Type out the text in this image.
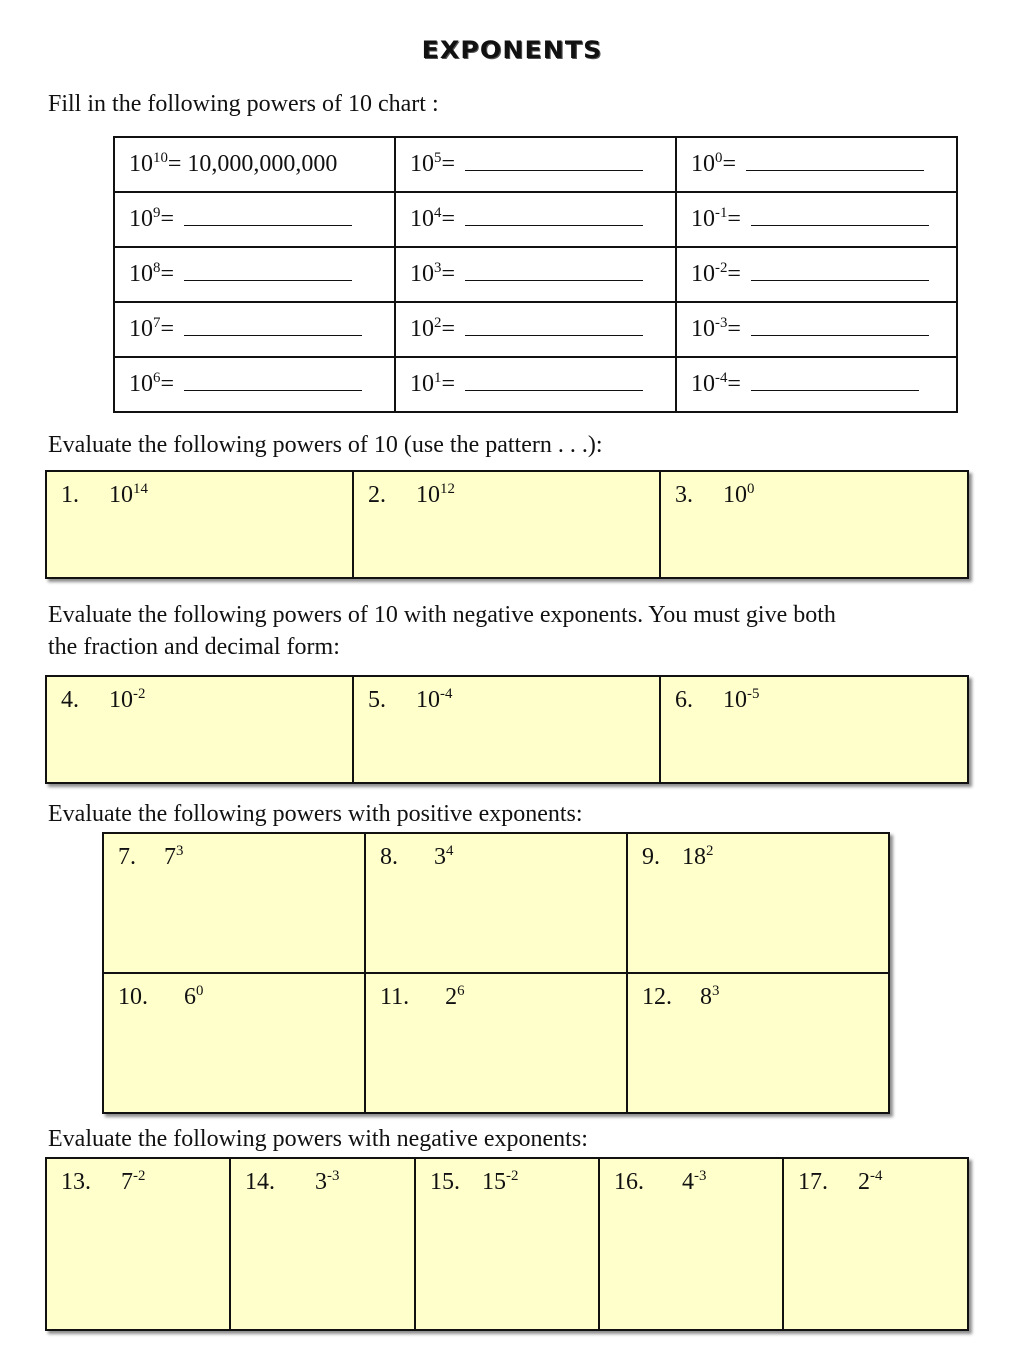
EXPONENTS
Fill in the following powers of 10 chart :
$10^{10}= 10,000,000,000$	$10^5=$	$10^0=$
$10^9=$	$10^4=$	$10^{-1}=$
$10^8=$	$10^3=$	$10^{-2}=$
$10^7=$	$10^2=$	$10^{-3}=$
$10^6=$	$10^1=$	$10^{-4}=$
Evaluate the following powers of 10 (use the pattern . . .):
1. $10^{14}$	2. $10^{12}$	3. $10^0$
Evaluate the following powers of 10 with negative exponents. You must give both
the fraction and decimal form:
4. $10^{-2}$	5. $10^{-4}$	6. $10^{-5}$
Evaluate the following powers with positive exponents:
7. $7^3$	8. $3^4$	9. $18^2$
10. $6^0$	11. $2^6$	12. $8^3$
Evaluate the following powers with negative exponents:
13. $7^{-2}$	14. $3^{-3}$	15. $15^{-2}$	16. $4^{-3}$	17. $2^{-4}$
